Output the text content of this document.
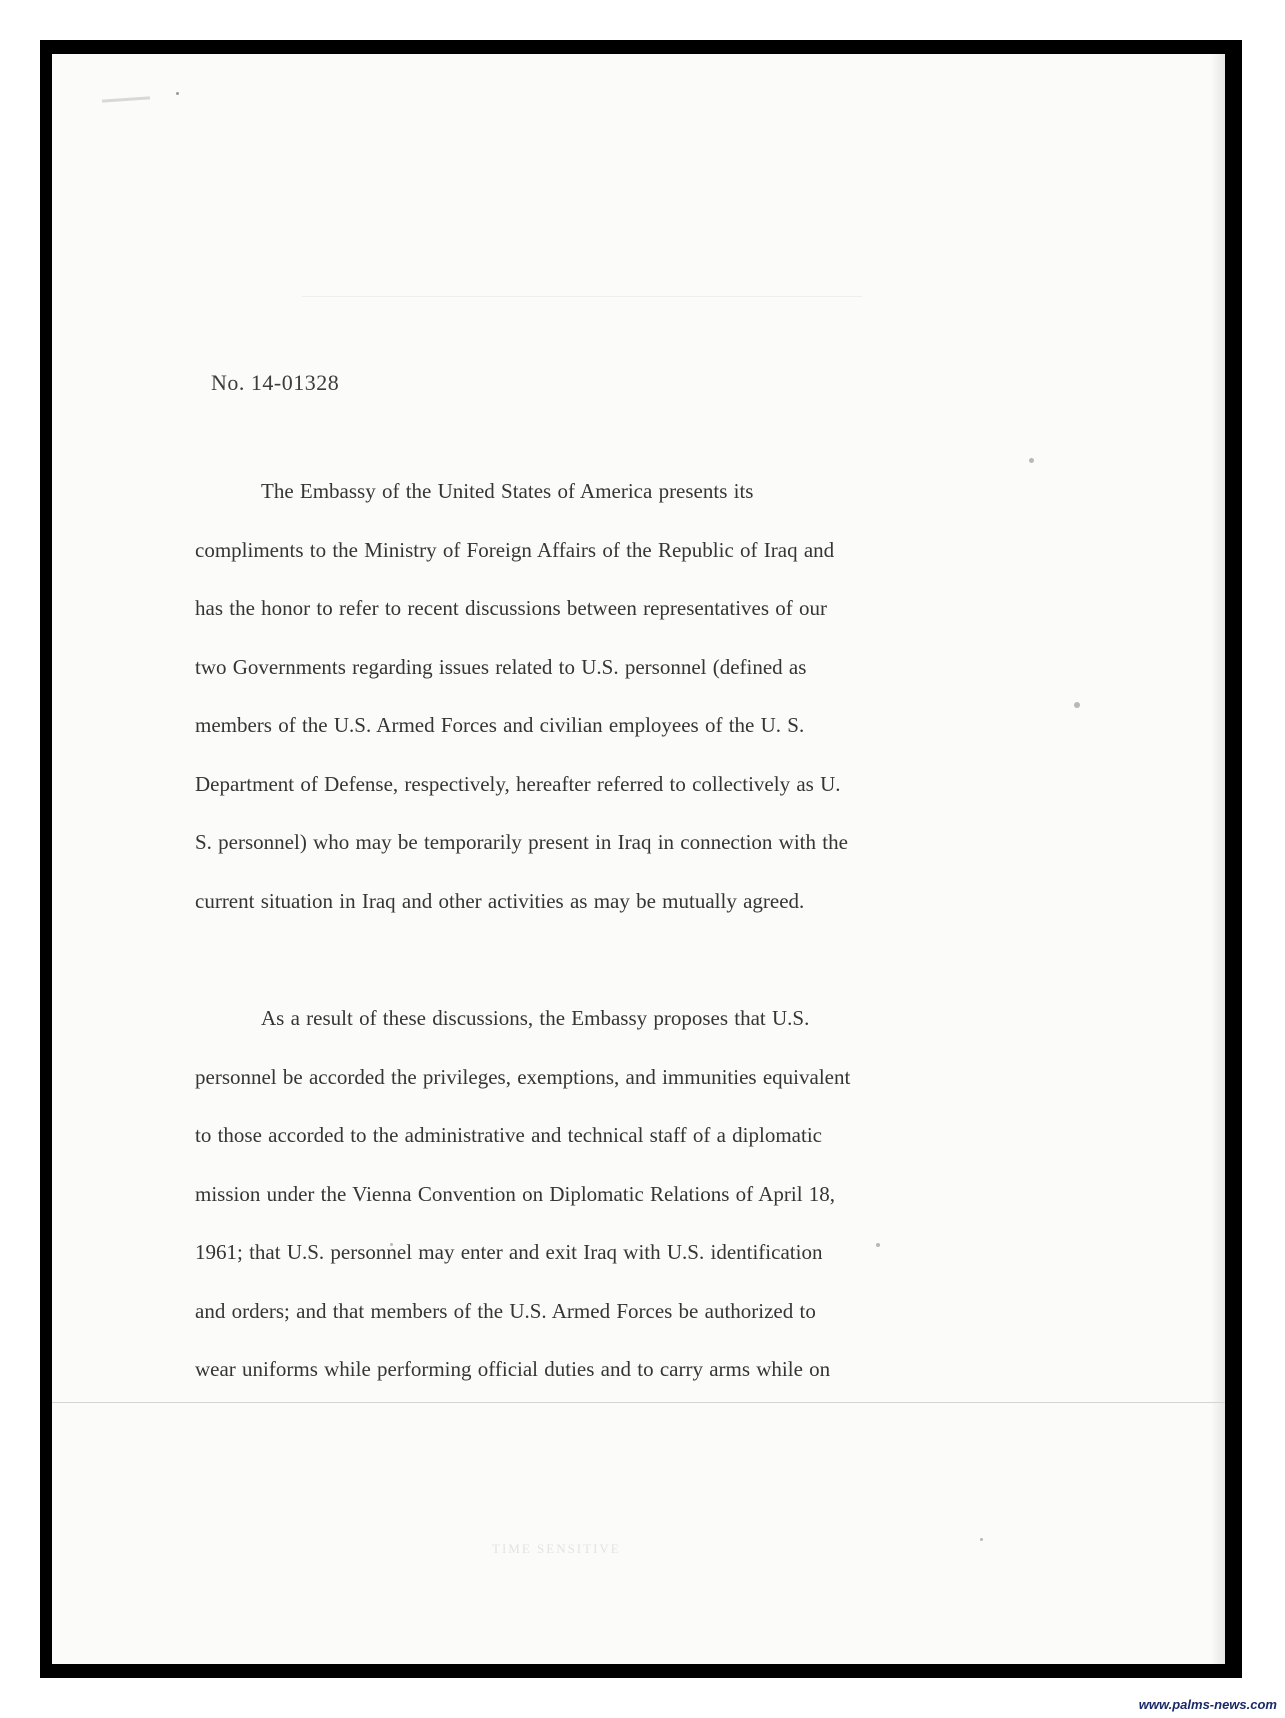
No. 14-01328

The Embassy of the United States of America presents its
compliments to the Ministry of Foreign Affairs of the Republic of Iraq and
has the honor to refer to recent discussions between representatives of our
two Governments regarding issues related to U.S. personnel (defined as
members of the U.S. Armed Forces and civilian employees of the U. S.
Department of Defense, respectively, hereafter referred to collectively as U.
S. personnel) who may be temporarily present in Iraq in connection with the
current situation in Iraq and other activities as may be mutually agreed.
As a result of these discussions, the Embassy proposes that U.S.
personnel be accorded the privileges, exemptions, and immunities equivalent
to those accorded to the administrative and technical staff of a diplomatic
mission under the Vienna Convention on Diplomatic Relations of April 18,
1961; that U.S. personnel may enter and exit Iraq with U.S. identification
and orders; and that members of the U.S. Armed Forces be authorized to
wear uniforms while performing official duties and to carry arms while on

TIME SENSITIVE

www.palms-news.com
